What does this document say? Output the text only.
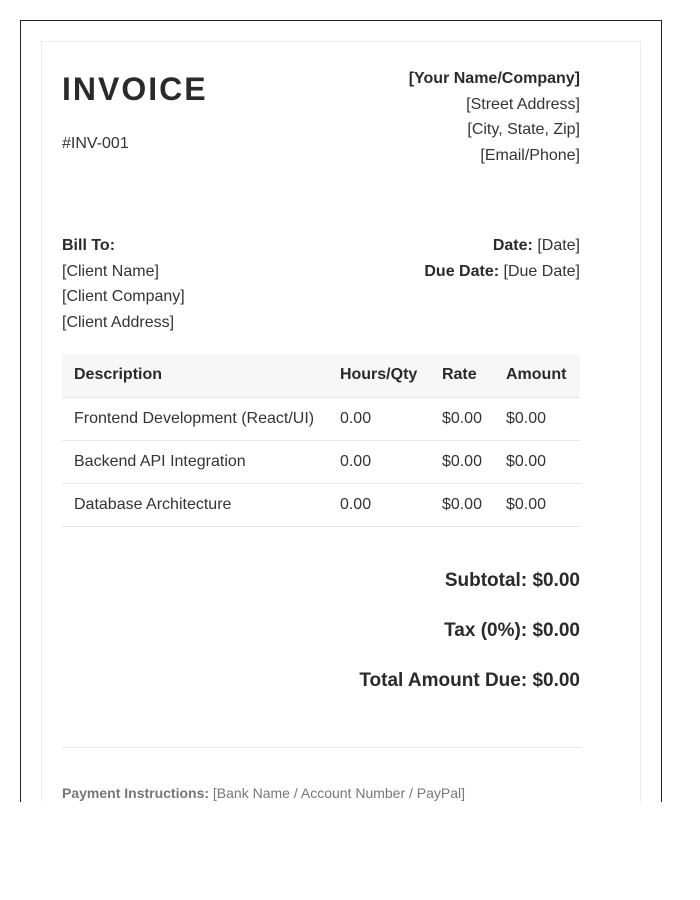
INVOICE
#INV-001
[Your Name/Company]
[Street Address]
[City, State, Zip]
[Email/Phone]
Bill To:
[Client Name]
[Client Company]
[Client Address]
Date: [Date]
Due Date: [Due Date]
Description	Hours/Qty	Rate	Amount
Frontend Development (React/UI)	0.00	$0.00	$0.00
Backend API Integration	0.00	$0.00	$0.00
Database Architecture	0.00	$0.00	$0.00
Subtotal: $0.00
Tax (0%): $0.00
Total Amount Due: $0.00
Payment Instructions: [Bank Name / Account Number / PayPal]
